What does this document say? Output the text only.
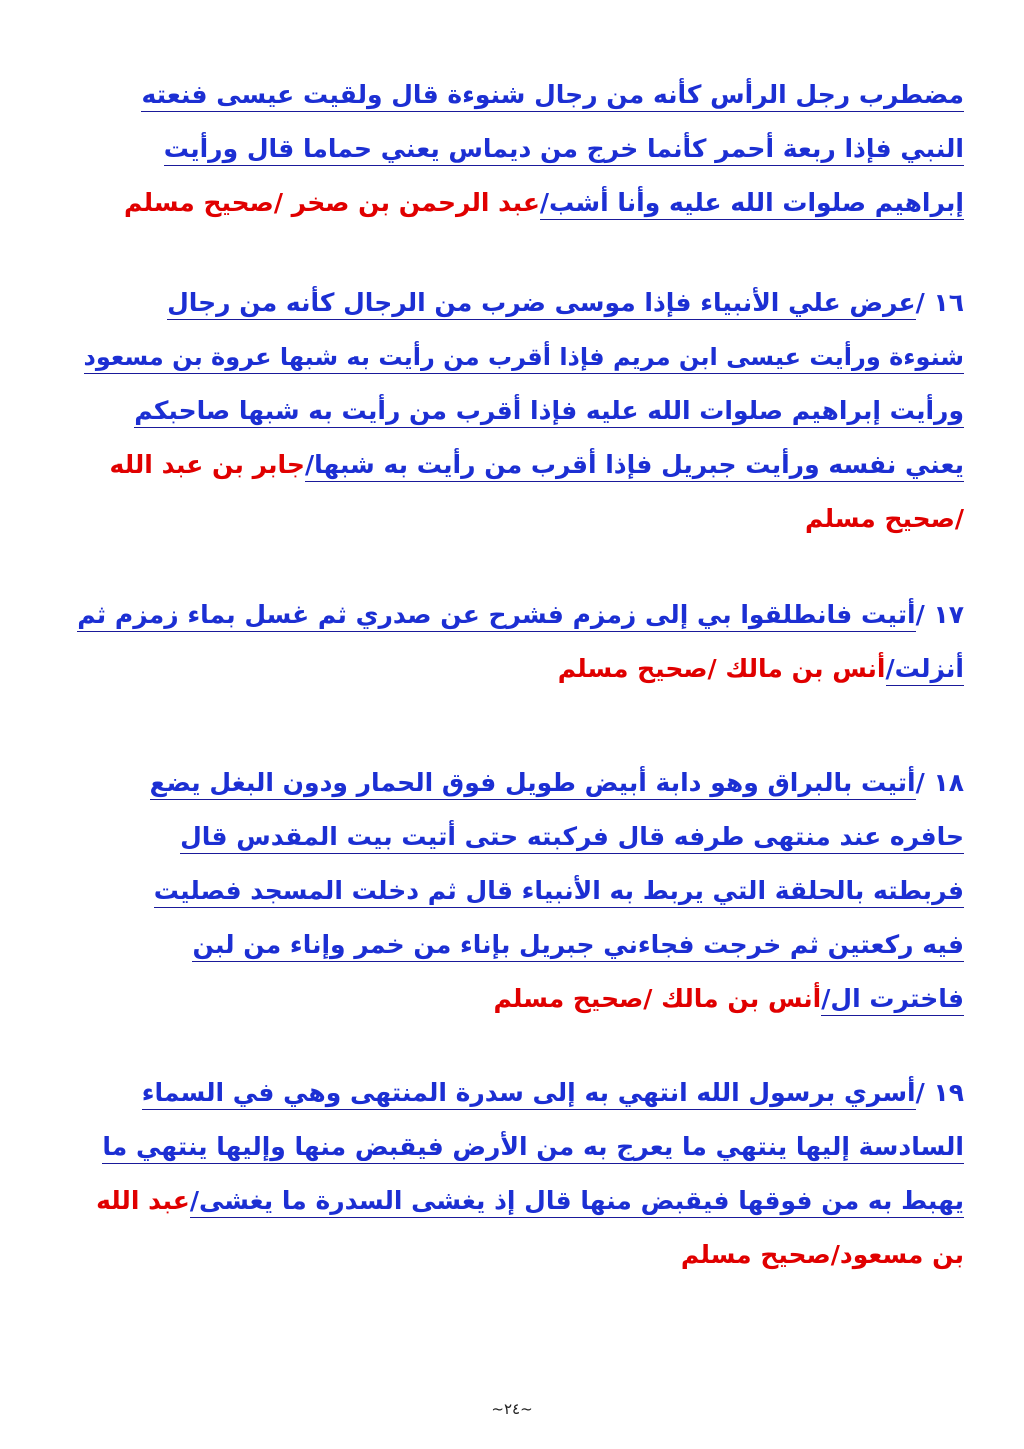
مضطرب رجل الرأس كأنه من رجال شنوءة قال ولقيت عيسى فنعته
النبي فإذا ربعة أحمر كأنما خرج من ديماس يعني حماما قال ورأيت
إبراهيم صلوات الله عليه وأنا أشب/عبد الرحمن بن صخر /صحيح مسلم
١٦ /عرض علي الأنبياء فإذا موسى ضرب من الرجال كأنه من رجال
شنوءة ورأيت عيسى ابن مريم فإذا أقرب من رأيت به شبها عروة بن مسعود
ورأيت إبراهيم صلوات الله عليه فإذا أقرب من رأيت به شبها صاحبكم
يعني نفسه ورأيت جبريل فإذا أقرب من رأيت به شبها/جابر بن عبد الله
/صحيح مسلم
١٧ /أتيت فانطلقوا بي إلى زمزم فشرح عن صدري ثم غسل بماء زمزم ثم
أنزلت/أنس بن مالك /صحيح مسلم
١٨ /أتيت بالبراق وهو دابة أبيض طويل فوق الحمار ودون البغل يضع
حافره عند منتهى طرفه قال فركبته حتى أتيت بيت المقدس قال
فربطته بالحلقة التي يربط به الأنبياء قال ثم دخلت المسجد فصليت
فيه ركعتين ثم خرجت فجاءني جبريل بإناء من خمر وإناء من لبن
فاخترت ال/أنس بن مالك /صحيح مسلم
١٩ /أسري برسول الله انتهي به إلى سدرة المنتهى وهي في السماء
السادسة إليها ينتهي ما يعرج به من الأرض فيقبض منها وإليها ينتهي ما
يهبط به من فوقها فيقبض منها قال إذ يغشى السدرة ما يغشى/عبد الله
بن مسعود/صحيح مسلم
~٢٤~
